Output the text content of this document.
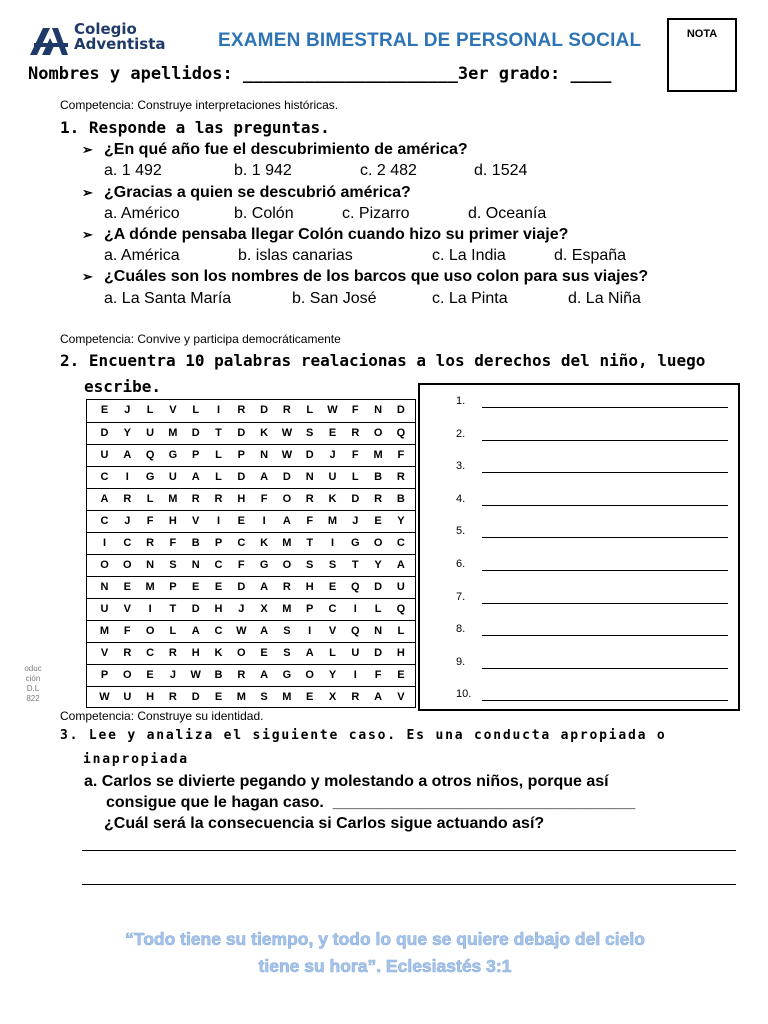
Colegio
Adventista	EXAMEN BIMESTRAL DE PERSONAL SOCIAL	NOTA
Nombres y apellidos: _____________________3er grado: ____
Competencia: Construye interpretaciones históricas.
1. Responde a las preguntas.
➢ ¿En qué año fue el descubrimiento de américa?
a. 1 492	b. 1 942	c. 2 482	d. 1524
➢ ¿Gracias a quien se descubrió américa?
a. Américo	b. Colón	c. Pizarro	d. Oceanía
➢ ¿A dónde pensaba llegar Colón cuando hizo su primer viaje?
a. América	b. islas canarias	c. La India	d. España
➢ ¿Cuáles son los nombres de los barcos que uso colon para sus viajes?
a. La Santa María	b. San José	c. La Pinta	d. La Niña
Competencia: Convive y participa democráticamente
2. Encuentra 10 palabras realacionas a los derechos del niño, luego
escribe.
E	J	L	V	L	I	R	D	R	L	W	F	N	D
D	Y	U	M	D	T	D	K	W	S	E	R	O	Q
U	A	Q	G	P	L	P	N	W	D	J	F	M	F
C	I	G	U	A	L	D	A	D	N	U	L	B	R
A	R	L	M	R	R	H	F	O	R	K	D	R	B
C	J	F	H	V	I	E	I	A	F	M	J	E	Y
I	C	R	F	B	P	C	K	M	T	I	G	O	C
O	O	N	S	N	C	F	G	O	S	S	T	Y	A
N	E	M	P	E	E	D	A	R	H	E	Q	D	U
U	V	I	T	D	H	J	X	M	P	C	I	L	Q
M	F	O	L	A	C	W	A	S	I	V	Q	N	L
V	R	C	R	H	K	O	E	S	A	L	U	D	H
P	O	E	J	W	B	R	A	G	O	Y	I	F	E
W	U	H	R	D	E	M	S	M	E	X	R	A	V
1.
2.
3.
4.
5.
6.
7.
8.
9.
10.
oduc
ción
D.L
822
Competencia: Construye su identidad.
3. Lee y analiza el siguiente caso. Es una conducta apropiada o
inapropiada
a. Carlos se divierte pegando y molestando a otros niños, porque así
consigue que le hagan caso.  __________________________________
¿Cuál será la consecuencia si Carlos sigue actuando así?
“Todo tiene su tiempo, y todo lo que se quiere debajo del cielo
tiene su hora”. Eclesiastés 3:1
